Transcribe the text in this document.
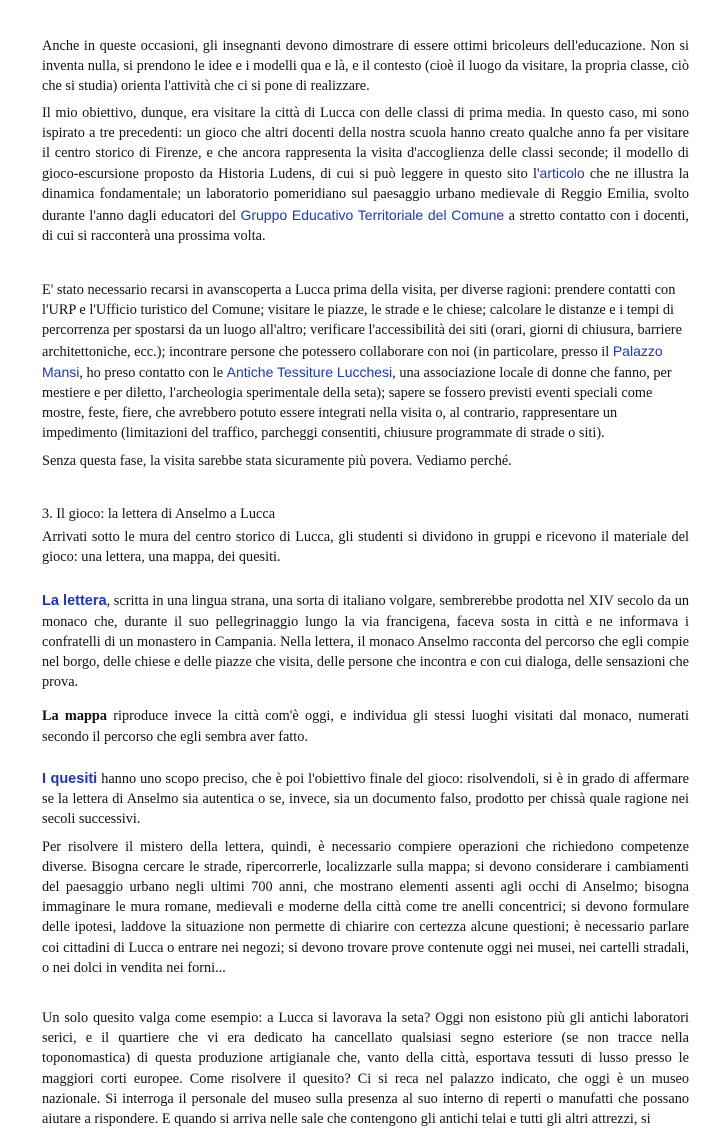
Anche in queste occasioni, gli insegnanti devono dimostrare di essere ottimi bricoleurs dell'educazione. Non si inventa nulla, si prendono le idee e i modelli qua e là, e il contesto (cioè il luogo da visitare, la propria classe, ciò che si studia) orienta l'attività che ci si pone di realizzare.

Il mio obiettivo, dunque, era visitare la città di Lucca con delle classi di prima media. In questo caso, mi sono ispirato a tre precedenti: un gioco che altri docenti della nostra scuola hanno creato qualche anno fa per visitare il centro storico di Firenze, e che ancora rappresenta la visita d'accoglienza delle classi seconde; il modello di gioco-escursione proposto da Historia Ludens, di cui si può leggere in questo sito l'articolo che ne illustra la dinamica fondamentale; un laboratorio pomeridiano sul paesaggio urbano medievale di Reggio Emilia, svolto durante l'anno dagli educatori del Gruppo Educativo Territoriale del Comune a stretto contatto con i docenti, di cui si racconterà una prossima volta.

E' stato necessario recarsi in avanscoperta a Lucca prima della visita, per diverse ragioni: prendere contatti con l'URP e l'Ufficio turistico del Comune; visitare le piazze, le strade e le chiese; calcolare le distanze e i tempi di percorrenza per spostarsi da un luogo all'altro; verificare l'accessibilità dei siti (orari, giorni di chiusura, barriere architettoniche, ecc.); incontrare persone che potessero collaborare con noi (in particolare, presso il Palazzo Mansi, ho preso contatto con le Antiche Tessiture Lucchesi, una associazione locale di donne che fanno, per mestiere e per diletto, l'archeologia sperimentale della seta); sapere se fossero previsti eventi speciali come mostre, feste, fiere, che avrebbero potuto essere integrati nella visita o, al contrario, rappresentare un impedimento (limitazioni del traffico, parcheggi consentiti, chiusure programmate di strade o siti).

Senza questa fase, la visita sarebbe stata sicuramente più povera. Vediamo perché.

3. Il gioco: la lettera di Anselmo a Lucca

Arrivati sotto le mura del centro storico di Lucca, gli studenti si dividono in gruppi e ricevono il materiale del gioco: una lettera, una mappa, dei quesiti.

La lettera, scritta in una lingua strana, una sorta di italiano volgare, sembrerebbe prodotta nel XIV secolo da un monaco che, durante il suo pellegrinaggio lungo la via francigena, faceva sosta in città e ne informava i confratelli di un monastero in Campania. Nella lettera, il monaco Anselmo racconta del percorso che egli compie nel borgo, delle chiese e delle piazze che visita, delle persone che incontra e con cui dialoga, delle sensazioni che prova.

La mappa riproduce invece la città com'è oggi, e individua gli stessi luoghi visitati dal monaco, numerati secondo il percorso che egli sembra aver fatto.

I quesiti hanno uno scopo preciso, che è poi l'obiettivo finale del gioco: risolvendoli, si è in grado di affermare se la lettera di Anselmo sia autentica o se, invece, sia un documento falso, prodotto per chissà quale ragione nei secoli successivi.

Per risolvere il mistero della lettera, quindi, è necessario compiere operazioni che richiedono competenze diverse. Bisogna cercare le strade, ripercorrerle, localizzarle sulla mappa; si devono considerare i cambiamenti del paesaggio urbano negli ultimi 700 anni, che mostrano elementi assenti agli occhi di Anselmo; bisogna immaginare le mura romane, medievali e moderne della città come tre anelli concentrici; si devono formulare delle ipotesi, laddove la situazione non permette di chiarire con certezza alcune questioni; è necessario parlare coi cittadini di Lucca o entrare nei negozi; si devono trovare prove contenute oggi nei musei, nei cartelli stradali, o nei dolci in vendita nei forni...

Un solo quesito valga come esempio: a Lucca si lavorava la seta? Oggi non esistono più gli antichi laboratori serici, e il quartiere che vi era dedicato ha cancellato qualsiasi segno esteriore (se non tracce nella toponomastica) di questa produzione artigianale che, vanto della città, esportava tessuti di lusso presso le maggiori corti europee. Come risolvere il quesito? Ci si reca nel palazzo indicato, che oggi è un museo nazionale. Si interroga il personale del museo sulla presenza al suo interno di reperti o manufatti che possano aiutare a rispondere. E quando si arriva nelle sale che contengono gli antichi telai e tutti gli altri attrezzi, si
